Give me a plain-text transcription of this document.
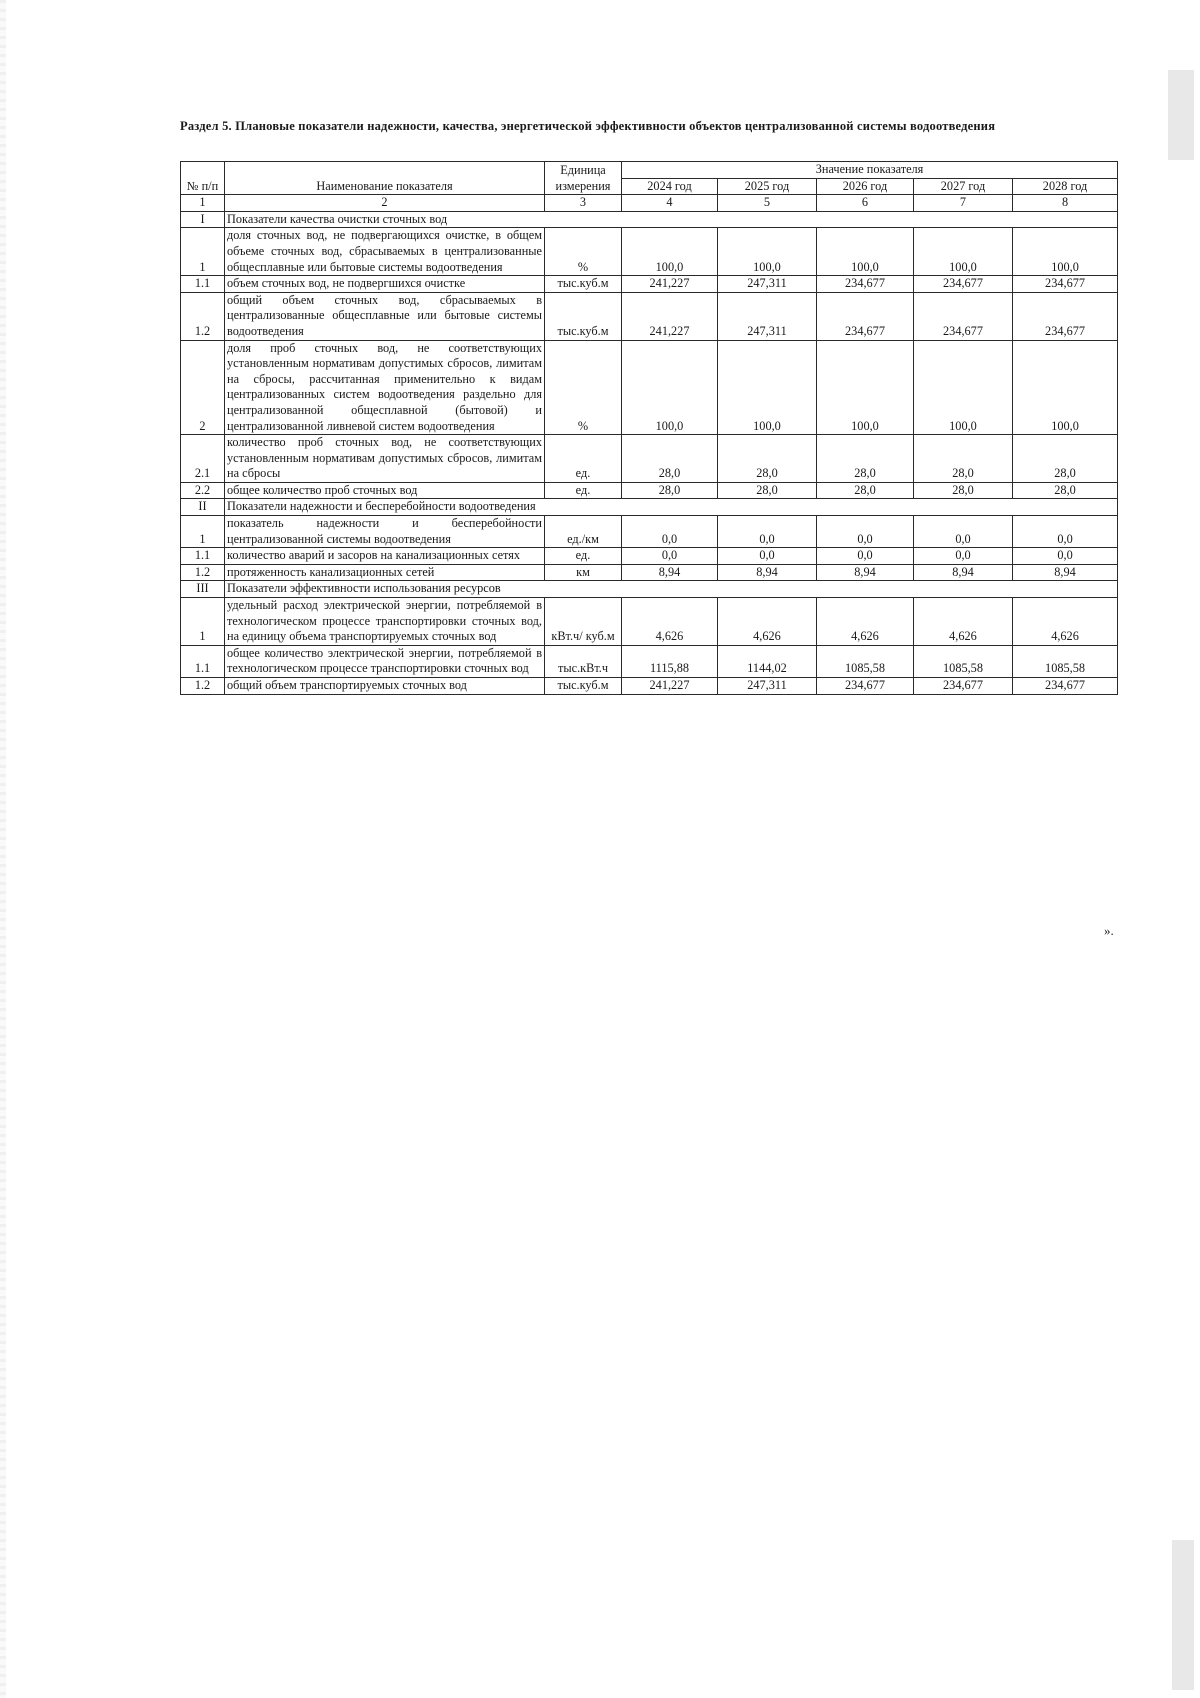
Раздел 5. Плановые показатели надежности, качества, энергетической эффективности объектов централизованной системы водоотведения
№ п/п	Наименование показателя	Единица измерения	Значение показателя				
			2024 год	2025 год	2026 год	2027 год	2028 год
1	2	3	4	5	6	7	8
I	Показатели качества очистки сточных вод						
1	доля сточных вод, не подвергающихся очистке, в общем объеме сточных вод, сбрасываемых в централизованные общесплавные или бытовые системы водоотведения	%	100,0	100,0	100,0	100,0	100,0
1.1	объем сточных вод, не подвергшихся очистке	тыс.куб.м	241,227	247,311	234,677	234,677	234,677
1.2	общий объем сточных вод, сбрасываемых в централизованные общесплавные или бытовые системы водоотведения	тыс.куб.м	241,227	247,311	234,677	234,677	234,677
2	доля проб сточных вод, не соответствующих установленным нормативам допустимых сбросов, лимитам на сбросы, рассчитанная применительно к видам централизованных систем водоотведения раздельно для централизованной общесплавной (бытовой) и централизованной ливневой систем водоотведения	%	100,0	100,0	100,0	100,0	100,0
2.1	количество проб сточных вод, не соответствующих установленным нормативам допустимых сбросов, лимитам на сбросы	ед.	28,0	28,0	28,0	28,0	28,0
2.2	общее количество проб сточных вод	ед.	28,0	28,0	28,0	28,0	28,0
II	Показатели надежности и бесперебойности водоотведения						
1	показатель надежности и бесперебойности централизованной системы водоотведения	ед./км	0,0	0,0	0,0	0,0	0,0
1.1	количество аварий и засоров на канализационных сетях	ед.	0,0	0,0	0,0	0,0	0,0
1.2	протяженность канализационных сетей	км	8,94	8,94	8,94	8,94	8,94
III	Показатели эффективности использования ресурсов						
1	удельный расход электрической энергии, потребляемой в технологическом процессе транспортировки сточных вод, на единицу объема транспортируемых сточных вод	кВт.ч/ куб.м	4,626	4,626	4,626	4,626	4,626
1.1	общее количество электрической энергии, потребляемой в технологическом процессе транспортировки сточных вод	тыс.кВт.ч	1115,88	1144,02	1085,58	1085,58	1085,58
1.2	общий объем транспортируемых сточных вод	тыс.куб.м	241,227	247,311	234,677	234,677	234,677
».
